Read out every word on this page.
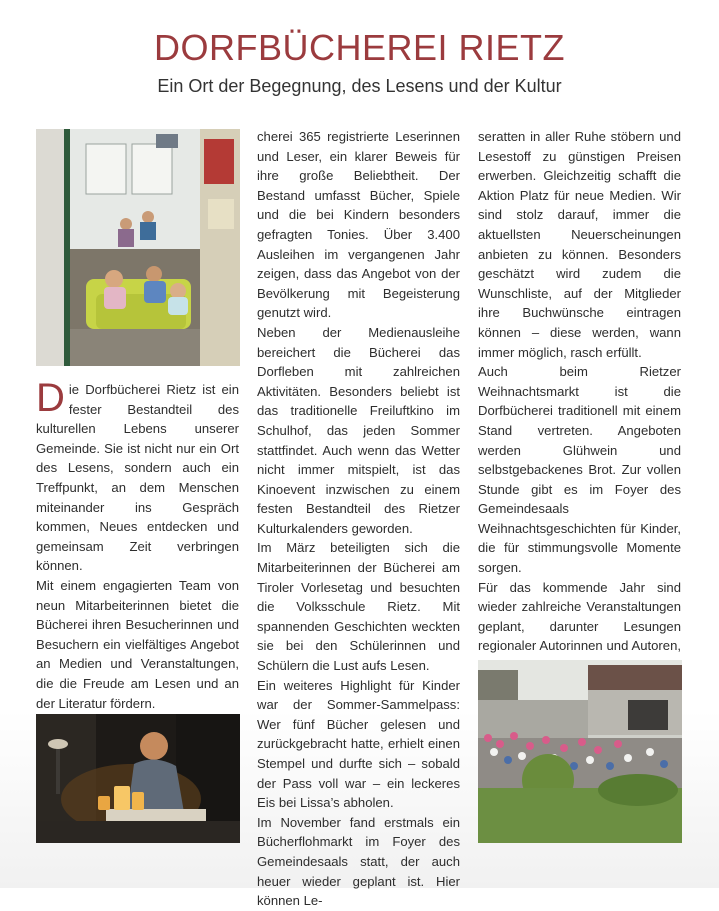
DORFBÜCHEREI RIETZ

Ein Ort der Begegnung, des Lesens und der Kultur

Die Dorfbücherei Rietz ist ein fester Bestandteil des kulturellen Lebens unserer Gemeinde. Sie ist nicht nur ein Ort des Lesens, sondern auch ein Treffpunkt, an dem Menschen miteinander ins Gespräch kommen, Neues entdecken und gemeinsam Zeit verbringen können.

Mit einem engagierten Team von neun Mitarbeiterinnen bietet die Bücherei ihren Besucherinnen und Besuchern ein vielfältiges Angebot an Medien und Veranstaltungen, die die Freude am Lesen und an der Literatur fördern.

cherei 365 registrierte Leserinnen und Leser, ein klarer Beweis für ihre große Beliebtheit. Der Bestand umfasst Bücher, Spiele und die bei Kindern besonders gefragten Tonies. Über 3.400 Ausleihen im vergangenen Jahr zeigen, dass das Angebot von der Bevölkerung mit Begeisterung genutzt wird.

Neben der Medienausleihe bereichert die Bücherei das Dorfleben mit zahlreichen Aktivitäten. Besonders beliebt ist das traditionelle Freiluftkino im Schulhof, das jeden Sommer stattfindet. Auch wenn das Wetter nicht immer mitspielt, ist das Kinoevent inzwischen zu einem festen Bestandteil des Rietzer Kulturkalenders geworden.

Im März beteiligten sich die Mitarbeiterinnen der Bücherei am Tiroler Vorlesetag und besuchten die Volksschule Rietz. Mit spannenden Geschichten weckten sie bei den Schülerinnen und Schülern die Lust aufs Lesen.

Ein weiteres Highlight für Kinder war der Sommer-Sammelpass: Wer fünf Bücher gelesen und zurückgebracht hatte, erhielt einen Stempel und durfte sich – sobald der Pass voll war – ein leckeres Eis bei Lissa’s abholen.

Im November fand erstmals ein Bücherflohmarkt im Foyer des Gemeindesaals statt, der auch heuer wieder geplant ist. Hier können Le-

seratten in aller Ruhe stöbern und Lesestoff zu günstigen Preisen erwerben. Gleichzeitig schafft die Aktion Platz für neue Medien. Wir sind stolz darauf, immer die aktuellsten Neuerscheinungen anbieten zu können. Besonders geschätzt wird zudem die Wunschliste, auf der Mitglieder ihre Buchwünsche eintragen können – diese werden, wann immer möglich, rasch erfüllt.

Auch beim Rietzer Weihnachtsmarkt ist die Dorfbücherei traditionell mit einem Stand vertreten. Angeboten werden Glühwein und selbstgebackenes Brot. Zur vollen Stunde gibt es im Foyer des Gemeindesaals Weihnachtsgeschichten für Kinder, die für stimmungsvolle Momente sorgen.

Für das kommende Jahr sind wieder zahlreiche Veranstaltungen geplant, darunter Lesungen regionaler Autorinnen und Autoren,
